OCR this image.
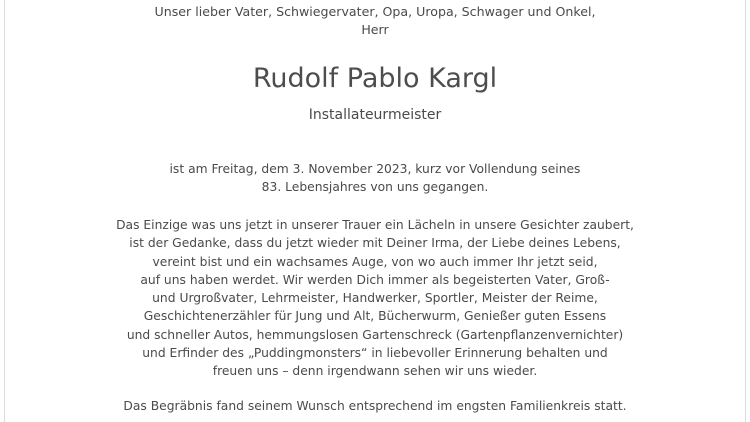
Unser lieber Vater, Schwiegervater, Opa, Uropa, Schwager und Onkel,
Herr
Rudolf Pablo Kargl
Installateurmeister
ist am Freitag, dem 3. November 2023, kurz vor Vollendung seines
83. Lebensjahres von uns gegangen.
Das Einzige was uns jetzt in unserer Trauer ein Lächeln in unsere Gesichter zaubert,
ist der Gedanke, dass du jetzt wieder mit Deiner Irma, der Liebe deines Lebens,
vereint bist und ein wachsames Auge, von wo auch immer Ihr jetzt seid,
auf uns haben werdet. Wir werden Dich immer als begeisterten Vater, Groß-
und Urgroßvater, Lehrmeister, Handwerker, Sportler, Meister der Reime,
Geschichtenerzähler für Jung und Alt, Bücherwurm, Genießer guten Essens
und schneller Autos, hemmungslosen Gartenschreck (Gartenpflanzenvernichter)
und Erfinder des „Puddingmonsters“ in liebevoller Erinnerung behalten und
freuen uns – denn irgendwann sehen wir uns wieder.
Das Begräbnis fand seinem Wunsch entsprechend im engsten Familienkreis statt.
